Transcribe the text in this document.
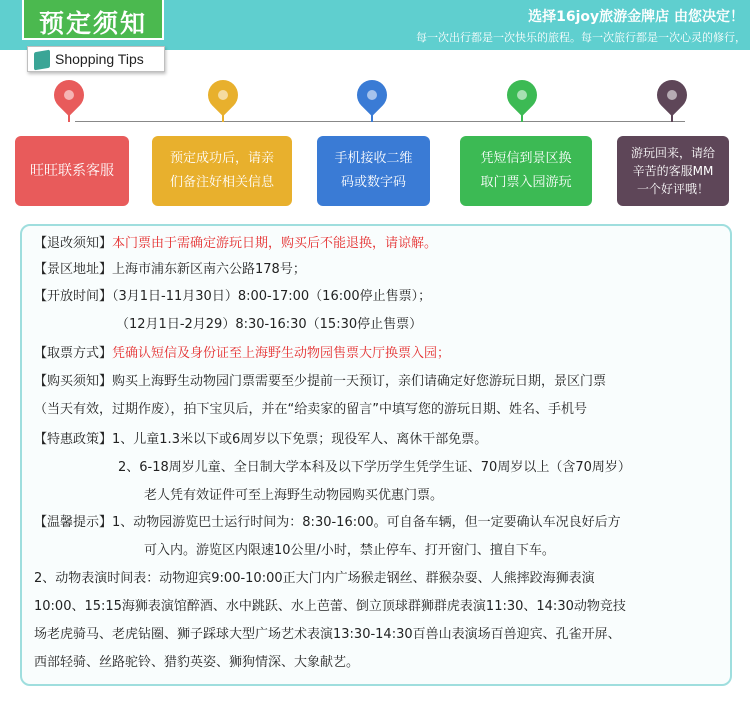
预定须知	选择16joy旅游金牌店 由您决定！
每一次出行都是一次快乐的旅程。每一次旅行都是一次心灵的修行，
Shopping Tips
旺旺联系客服
预定成功后，请亲
们备注好相关信息
手机接收二维
码或数字码
凭短信到景区换
取门票入园游玩
游玩回来，请给
辛苦的客服MM
一个好评哦！
【退改须知】本门票由于需确定游玩日期，购买后不能退换，请谅解。
【景区地址】上海市浦东新区南六公路178号；
【开放时间】（3月1日-11月30日）8:00-17:00（16:00停止售票）；
（12月1日-2月29）8:30-16:30（15:30停止售票）
【取票方式】凭确认短信及身份证至上海野生动物园售票大厅换票入园；
【购买须知】购买上海野生动物园门票需要至少提前一天预订，亲们请确定好您游玩日期，景区门票
（当天有效，过期作废），拍下宝贝后，并在“给卖家的留言”中填写您的游玩日期、姓名、手机号
【特惠政策】1、儿童1.3米以下或6周岁以下免票；现役军人、离休干部免票。
2、6-18周岁儿童、全日制大学本科及以下学历学生凭学生证、70周岁以上（含70周岁）
老人凭有效证件可至上海野生动物园购买优惠门票。
【温馨提示】1、动物园游览巴士运行时间为：8:30-16:00。可自备车辆，但一定要确认车况良好后方
可入内。游览区内限速10公里/小时，禁止停车、打开窗门、擅自下车。
2、动物表演时间表：动物迎宾9:00-10:00正大门内广场猴走钢丝、群猴杂耍、人熊摔跤海狮表演
10:00、15:15海狮表演馆醉酒、水中跳跃、水上芭蕾、倒立顶球群狮群虎表演11:30、14:30动物竞技
场老虎骑马、老虎钻圈、狮子踩球大型广场艺术表演13:30-14:30百兽山表演场百兽迎宾、孔雀开屏、
西部轻骑、丝路驼铃、猎豹英姿、狮狗情深、大象献艺。
